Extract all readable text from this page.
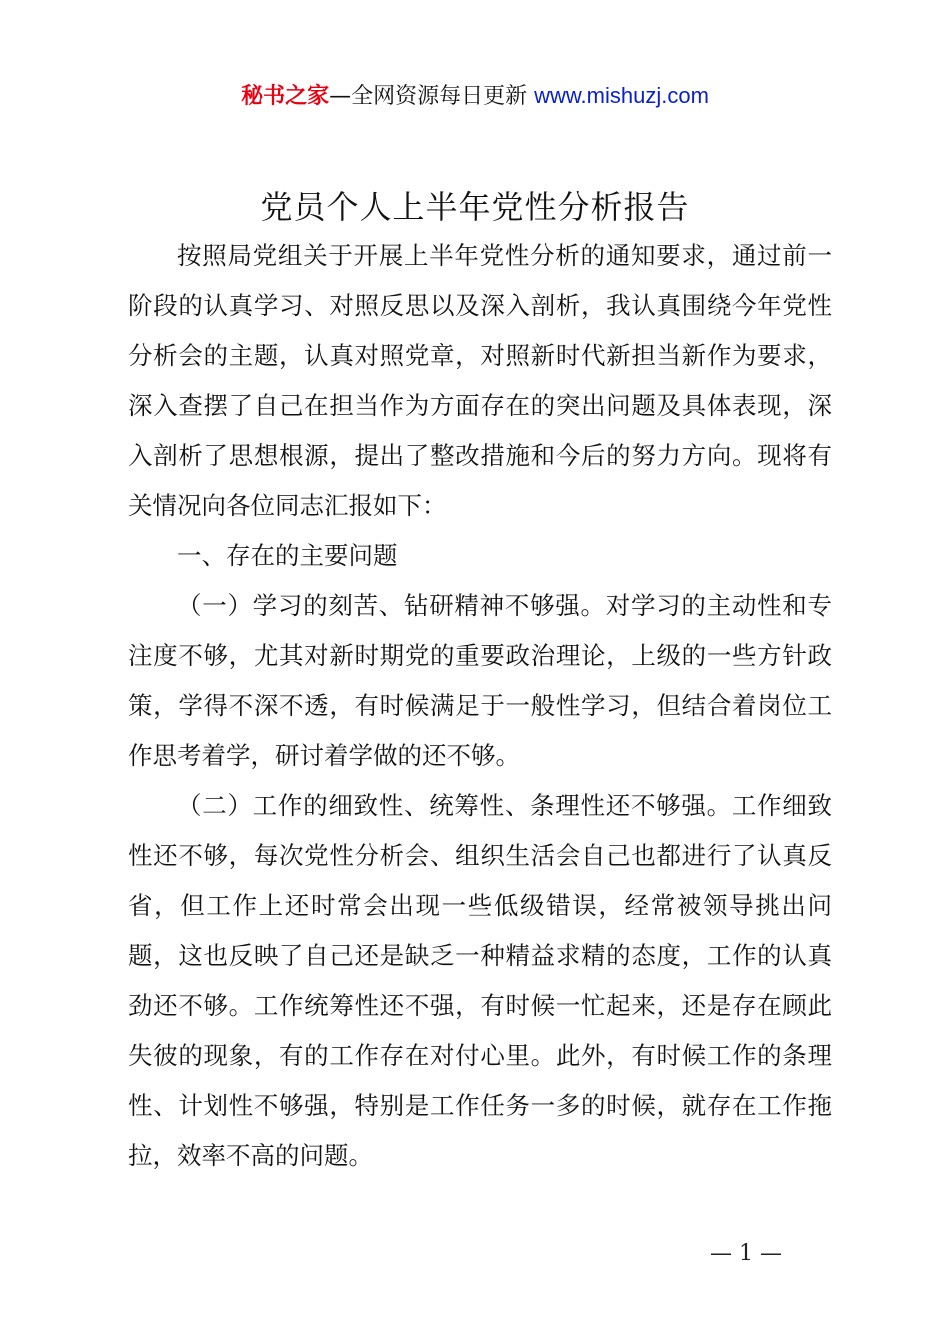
秘书之家—全网资源每日更新 www.mishuzj.com
党员个人上半年党性分析报告

按照局党组关于开展上半年党性分析的通知要求，通过前一阶段的认真学习、对照反思以及深入剖析，我认真围绕今年党性分析会的主题，认真对照党章，对照新时代新担当新作为要求，深入查摆了自己在担当作为方面存在的突出问题及具体表现，深入剖析了思想根源，提出了整改措施和今后的努力方向。现将有关情况向各位同志汇报如下：

一、存在的主要问题

（一）学习的刻苦、钻研精神不够强。对学习的主动性和专注度不够，尤其对新时期党的重要政治理论，上级的一些方针政策，学得不深不透，有时候满足于一般性学习，但结合着岗位工作思考着学，研讨着学做的还不够。

（二）工作的细致性、统筹性、条理性还不够强。工作细致性还不够，每次党性分析会、组织生活会自己也都进行了认真反省，但工作上还时常会出现一些低级错误，经常被领导挑出问题，这也反映了自己还是缺乏一种精益求精的态度，工作的认真劲还不够。工作统筹性还不强，有时候一忙起来，还是存在顾此失彼的现象，有的工作存在对付心里。此外，有时候工作的条理性、计划性不够强，特别是工作任务一多的时候，就存在工作拖拉，效率不高的问题。

— 1 —
